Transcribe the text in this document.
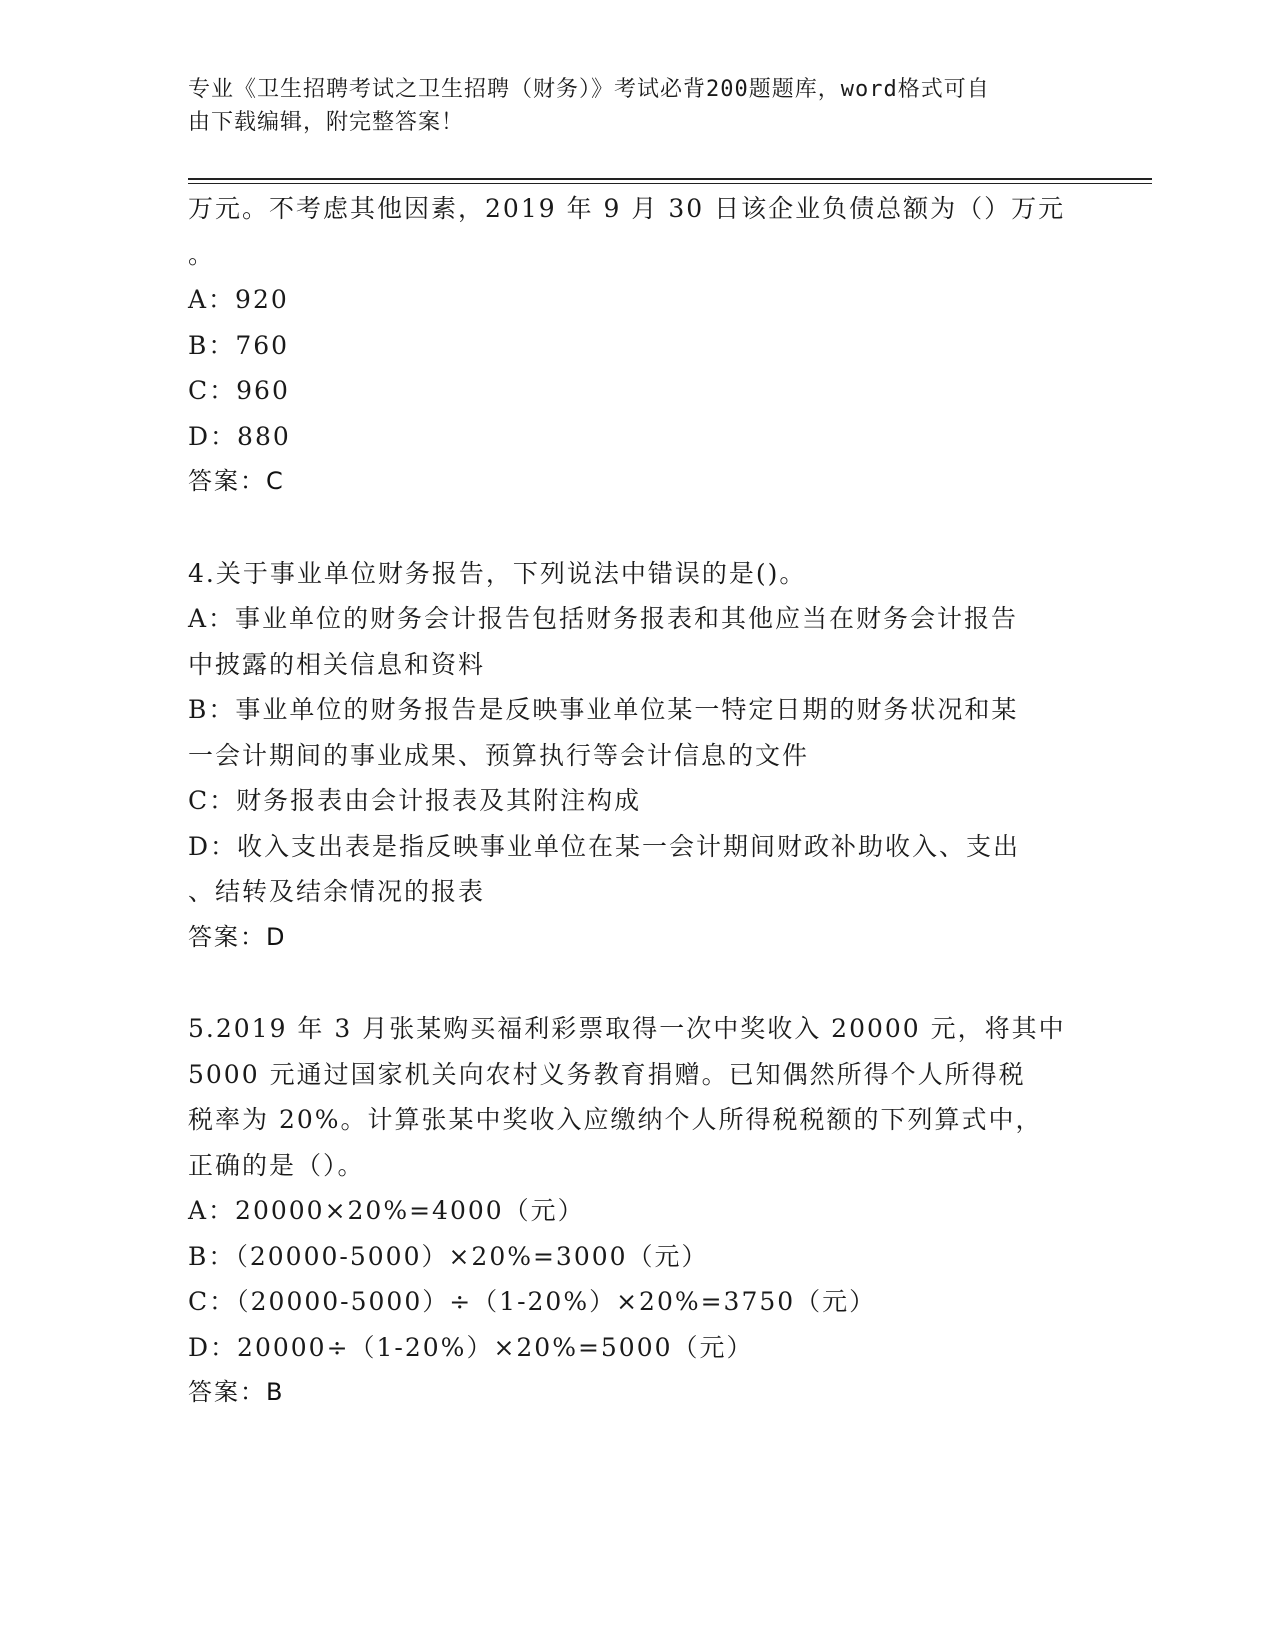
专业《卫生招聘考试之卫生招聘（财务）》考试必背200题题库，word格式可自
由下载编辑，附完整答案！
万元。不考虑其他因素，2019 年 9 月 30 日该企业负债总额为（）万元
。
A：920
B：760
C：960
D：880
答案：C
4.关于事业单位财务报告，下列说法中错误的是()。
A：事业单位的财务会计报告包括财务报表和其他应当在财务会计报告
中披露的相关信息和资料
B：事业单位的财务报告是反映事业单位某一特定日期的财务状况和某
一会计期间的事业成果、预算执行等会计信息的文件
C：财务报表由会计报表及其附注构成
D：收入支出表是指反映事业单位在某一会计期间财政补助收入、支出
、结转及结余情况的报表
答案：D
5.2019 年 3 月张某购买福利彩票取得一次中奖收入 20000 元，将其中
5000 元通过国家机关向农村义务教育捐赠。已知偶然所得个人所得税
税率为 20%。计算张某中奖收入应缴纳个人所得税税额的下列算式中，
正确的是（）。
A：20000×20%=4000（元）
B：（20000-5000）×20%=3000（元）
C：（20000-5000）÷（1-20%）×20%=3750（元）
D：20000÷（1-20%）×20%=5000（元）
答案：B
